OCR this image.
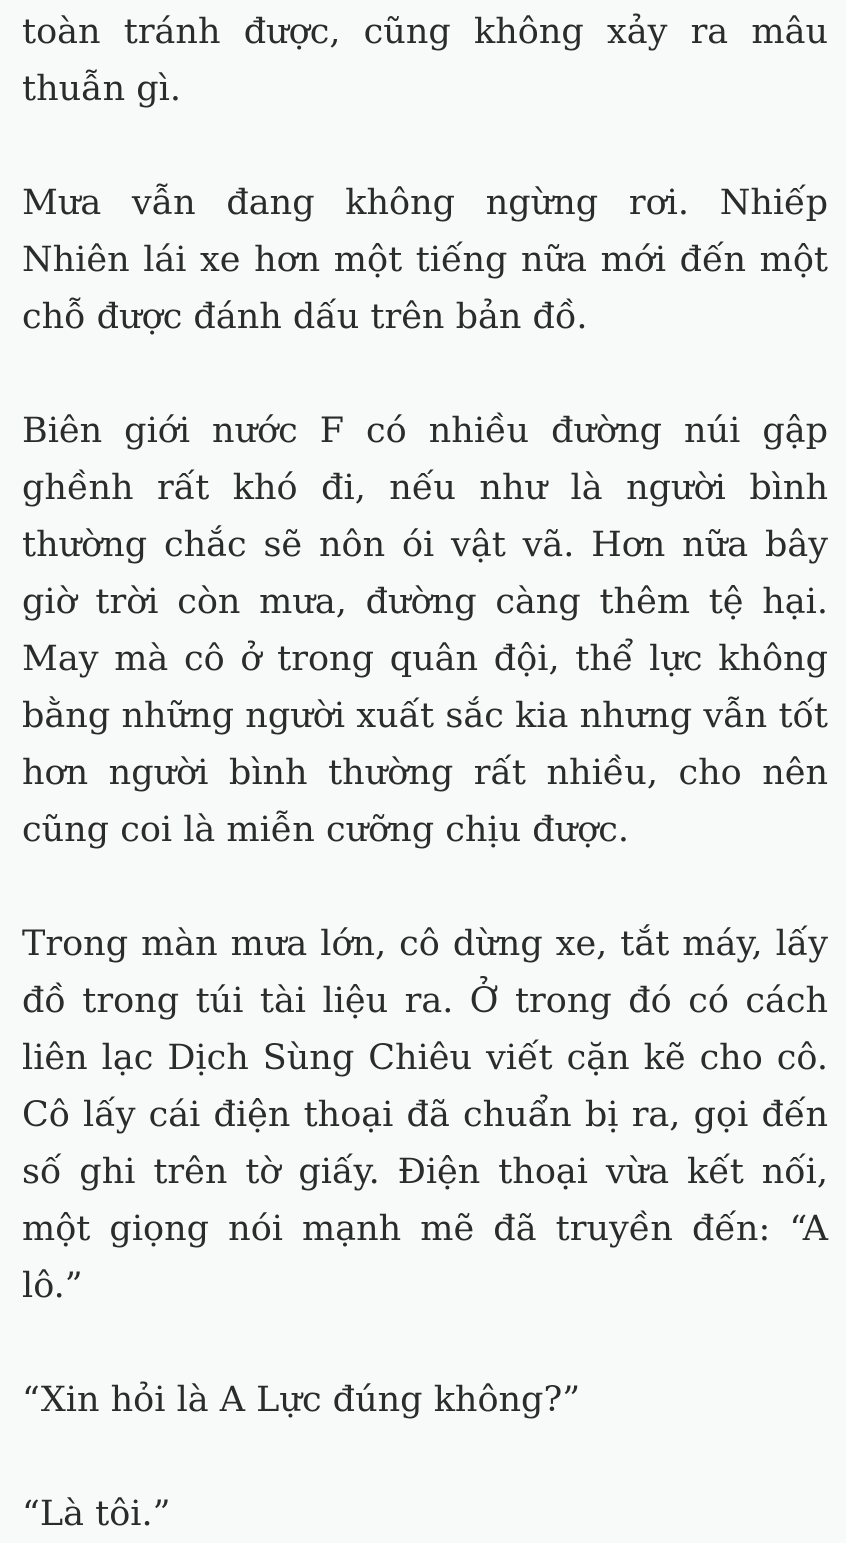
toàn tránh được, cũng không xảy ra mâu thuẫn gì.

Mưa vẫn đang không ngừng rơi. Nhiếp Nhiên lái xe hơn một tiếng nữa mới đến một chỗ được đánh dấu trên bản đồ.

Biên giới nước F có nhiều đường núi gập ghềnh rất khó đi, nếu như là người bình thường chắc sẽ nôn ói vật vã. Hơn nữa bây giờ trời còn mưa, đường càng thêm tệ hại. May mà cô ở trong quân đội, thể lực không bằng những người xuất sắc kia nhưng vẫn tốt hơn người bình thường rất nhiều, cho nên cũng coi là miễn cưỡng chịu được.

Trong màn mưa lớn, cô dừng xe, tắt máy, lấy đồ trong túi tài liệu ra. Ở trong đó có cách liên lạc Dịch Sùng Chiêu viết cặn kẽ cho cô. Cô lấy cái điện thoại đã chuẩn bị ra, gọi đến số ghi trên tờ giấy. Điện thoại vừa kết nối, một giọng nói mạnh mẽ đã truyền đến: “A lô.”

“Xin hỏi là A Lực đúng không?”

“Là tôi.”
